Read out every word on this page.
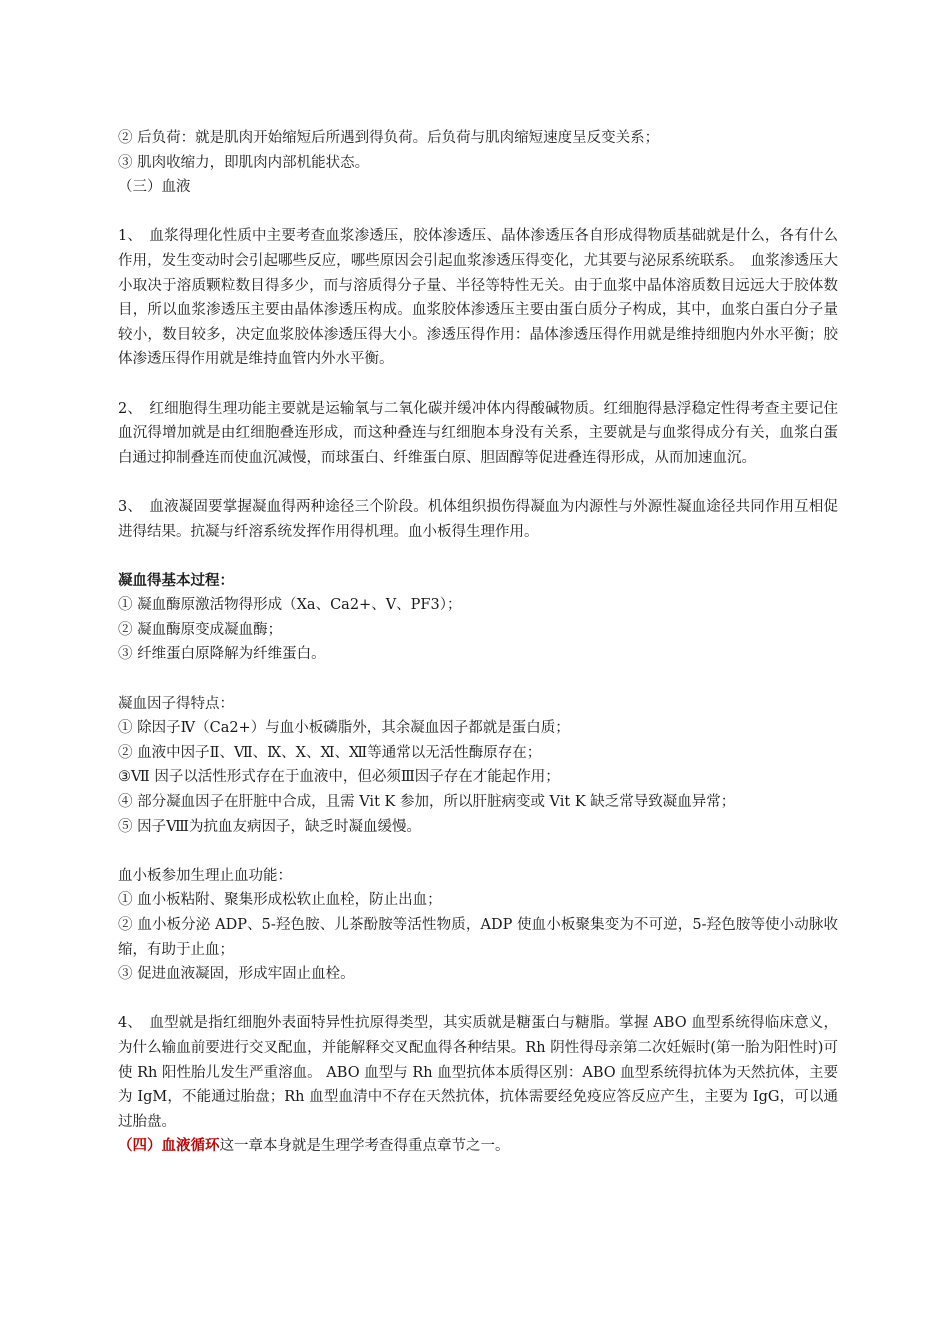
② 后负荷：就是肌肉开始缩短后所遇到得负荷。后负荷与肌肉缩短速度呈反变关系；
③ 肌肉收缩力，即肌肉内部机能状态。
（三）血液
1、　血浆得理化性质中主要考查血浆渗透压，胶体渗透压、晶体渗透压各自形成得物质基础就是什么，各有什么作用，发生变动时会引起哪些反应，哪些原因会引起血浆渗透压得变化，尤其要与泌尿系统联系。　血浆渗透压大小取决于溶质颗粒数目得多少，而与溶质得分子量、半径等特性无关。由于血浆中晶体溶质数目远远大于胶体数目，所以血浆渗透压主要由晶体渗透压构成。血浆胶体渗透压主要由蛋白质分子构成，其中，血浆白蛋白分子量较小，数目较多，决定血浆胶体渗透压得大小。渗透压得作用：晶体渗透压得作用就是维持细胞内外水平衡；胶体渗透压得作用就是维持血管内外水平衡。
2、　红细胞得生理功能主要就是运输氧与二氧化碳并缓冲体内得酸碱物质。红细胞得悬浮稳定性得考查主要记住血沉得增加就是由红细胞叠连形成，而这种叠连与红细胞本身没有关系，主要就是与血浆得成分有关，血浆白蛋白通过抑制叠连而使血沉减慢，而球蛋白、纤维蛋白原、胆固醇等促进叠连得形成，从而加速血沉。
3、　血液凝固要掌握凝血得两种途径三个阶段。机体组织损伤得凝血为内源性与外源性凝血途径共同作用互相促进得结果。抗凝与纤溶系统发挥作用得机理。血小板得生理作用。
凝血得基本过程：
① 凝血酶原激活物得形成（Xa、Ca2+、V、PF3）；
② 凝血酶原变成凝血酶；
③ 纤维蛋白原降解为纤维蛋白。
凝血因子得特点：
① 除因子Ⅳ（Ca2+）与血小板磷脂外，其余凝血因子都就是蛋白质；
② 血液中因子Ⅱ、Ⅶ、Ⅸ、Ⅹ、Ⅺ、Ⅻ等通常以无活性酶原存在；
③Ⅶ 因子以活性形式存在于血液中，但必须Ⅲ因子存在才能起作用；
④ 部分凝血因子在肝脏中合成，且需 Vit K 参加，所以肝脏病变或 Vit K 缺乏常导致凝血异常；
⑤ 因子Ⅷ为抗血友病因子，缺乏时凝血缓慢。
血小板参加生理止血功能：
① 血小板粘附、聚集形成松软止血栓，防止出血；
② 血小板分泌 ADP、5-羟色胺、儿茶酚胺等活性物质，ADP 使血小板聚集变为不可逆，5-羟色胺等使小动脉收缩，有助于止血；
③ 促进血液凝固，形成牢固止血栓。
4、　血型就是指红细胞外表面特异性抗原得类型，其实质就是糖蛋白与糖脂。掌握 ABO 血型系统得临床意义，为什么输血前要进行交叉配血，并能解释交叉配血得各种结果。Rh 阴性得母亲第二次妊娠时(第一胎为阳性时)可使 Rh 阳性胎儿发生严重溶血。 ABO 血型与 Rh 血型抗体本质得区别：ABO 血型系统得抗体为天然抗体，主要为 IgM，不能通过胎盘；Rh 血型血清中不存在天然抗体，抗体需要经免疫应答反应产生，主要为 IgG，可以通过胎盘。
（四）血液循环这一章本身就是生理学考查得重点章节之一。
